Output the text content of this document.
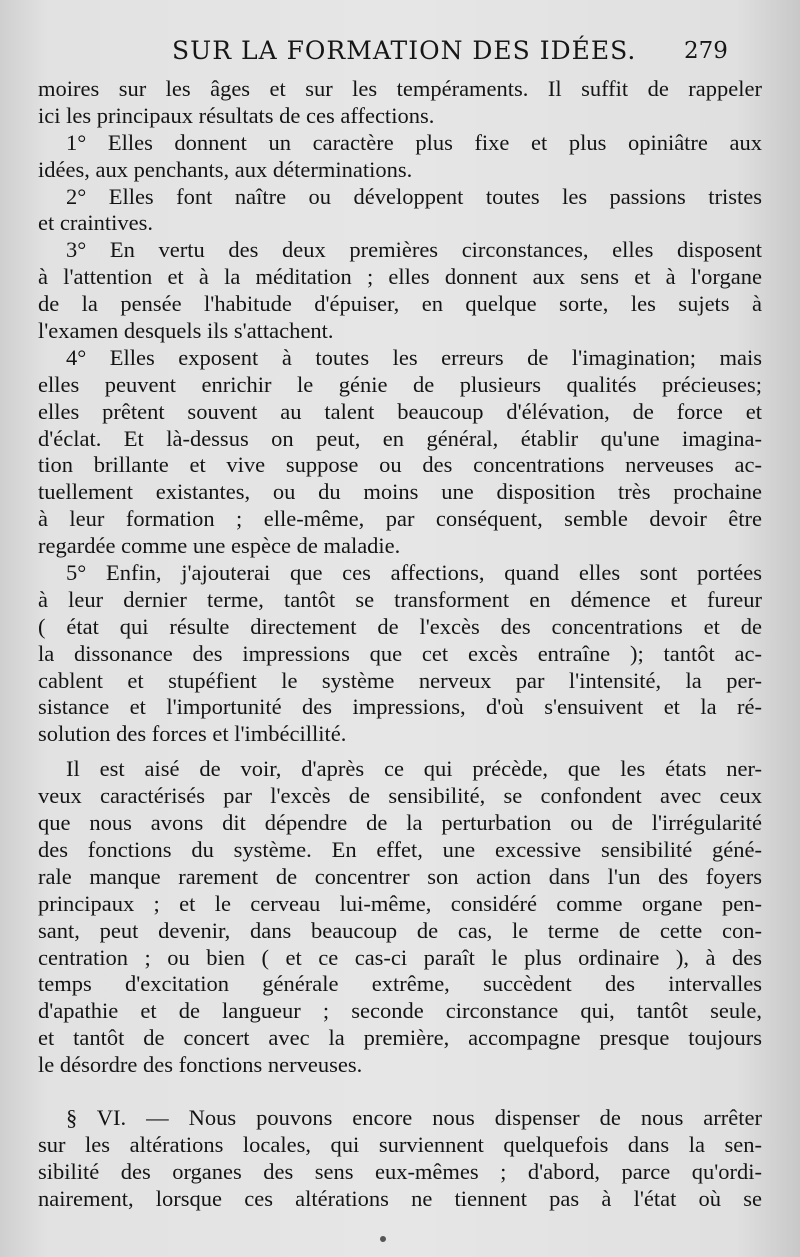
SUR LA FORMATION DES IDÉES. 279
moires sur les âges et sur les tempéraments. Il suffit de rappeler
ici les principaux résultats de ces affections.
1° Elles donnent un caractère plus fixe et plus opiniâtre aux
idées, aux penchants, aux déterminations.
2° Elles font naître ou développent toutes les passions tristes
et craintives.
3° En vertu des deux premières circonstances, elles disposent
à l'attention et à la méditation ; elles donnent aux sens et à l'organe
de la pensée l'habitude d'épuiser, en quelque sorte, les sujets à
l'examen desquels ils s'attachent.
4° Elles exposent à toutes les erreurs de l'imagination; mais
elles peuvent enrichir le génie de plusieurs qualités précieuses;
elles prêtent souvent au talent beaucoup d'élévation, de force et
d'éclat. Et là-dessus on peut, en général, établir qu'une imagina-
tion brillante et vive suppose ou des concentrations nerveuses ac-
tuellement existantes, ou du moins une disposition très prochaine
à leur formation ; elle-même, par conséquent, semble devoir être
regardée comme une espèce de maladie.
5° Enfin, j'ajouterai que ces affections, quand elles sont portées
à leur dernier terme, tantôt se transforment en démence et fureur
( état qui résulte directement de l'excès des concentrations et de
la dissonance des impressions que cet excès entraîne ); tantôt ac-
cablent et stupéfient le système nerveux par l'intensité, la per-
sistance et l'importunité des impressions, d'où s'ensuivent et la ré-
solution des forces et l'imbécillité.
Il est aisé de voir, d'après ce qui précède, que les états ner-
veux caractérisés par l'excès de sensibilité, se confondent avec ceux
que nous avons dit dépendre de la perturbation ou de l'irrégularité
des fonctions du système. En effet, une excessive sensibilité géné-
rale manque rarement de concentrer son action dans l'un des foyers
principaux ; et le cerveau lui-même, considéré comme organe pen-
sant, peut devenir, dans beaucoup de cas, le terme de cette con-
centration ; ou bien ( et ce cas-ci paraît le plus ordinaire ), à des
temps d'excitation générale extrême, succèdent des intervalles
d'apathie et de langueur ; seconde circonstance qui, tantôt seule,
et tantôt de concert avec la première, accompagne presque toujours
le désordre des fonctions nerveuses.
§ VI. — Nous pouvons encore nous dispenser de nous arrêter
sur les altérations locales, qui surviennent quelquefois dans la sen-
sibilité des organes des sens eux-mêmes ; d'abord, parce qu'ordi-
nairement, lorsque ces altérations ne tiennent pas à l'état où se
